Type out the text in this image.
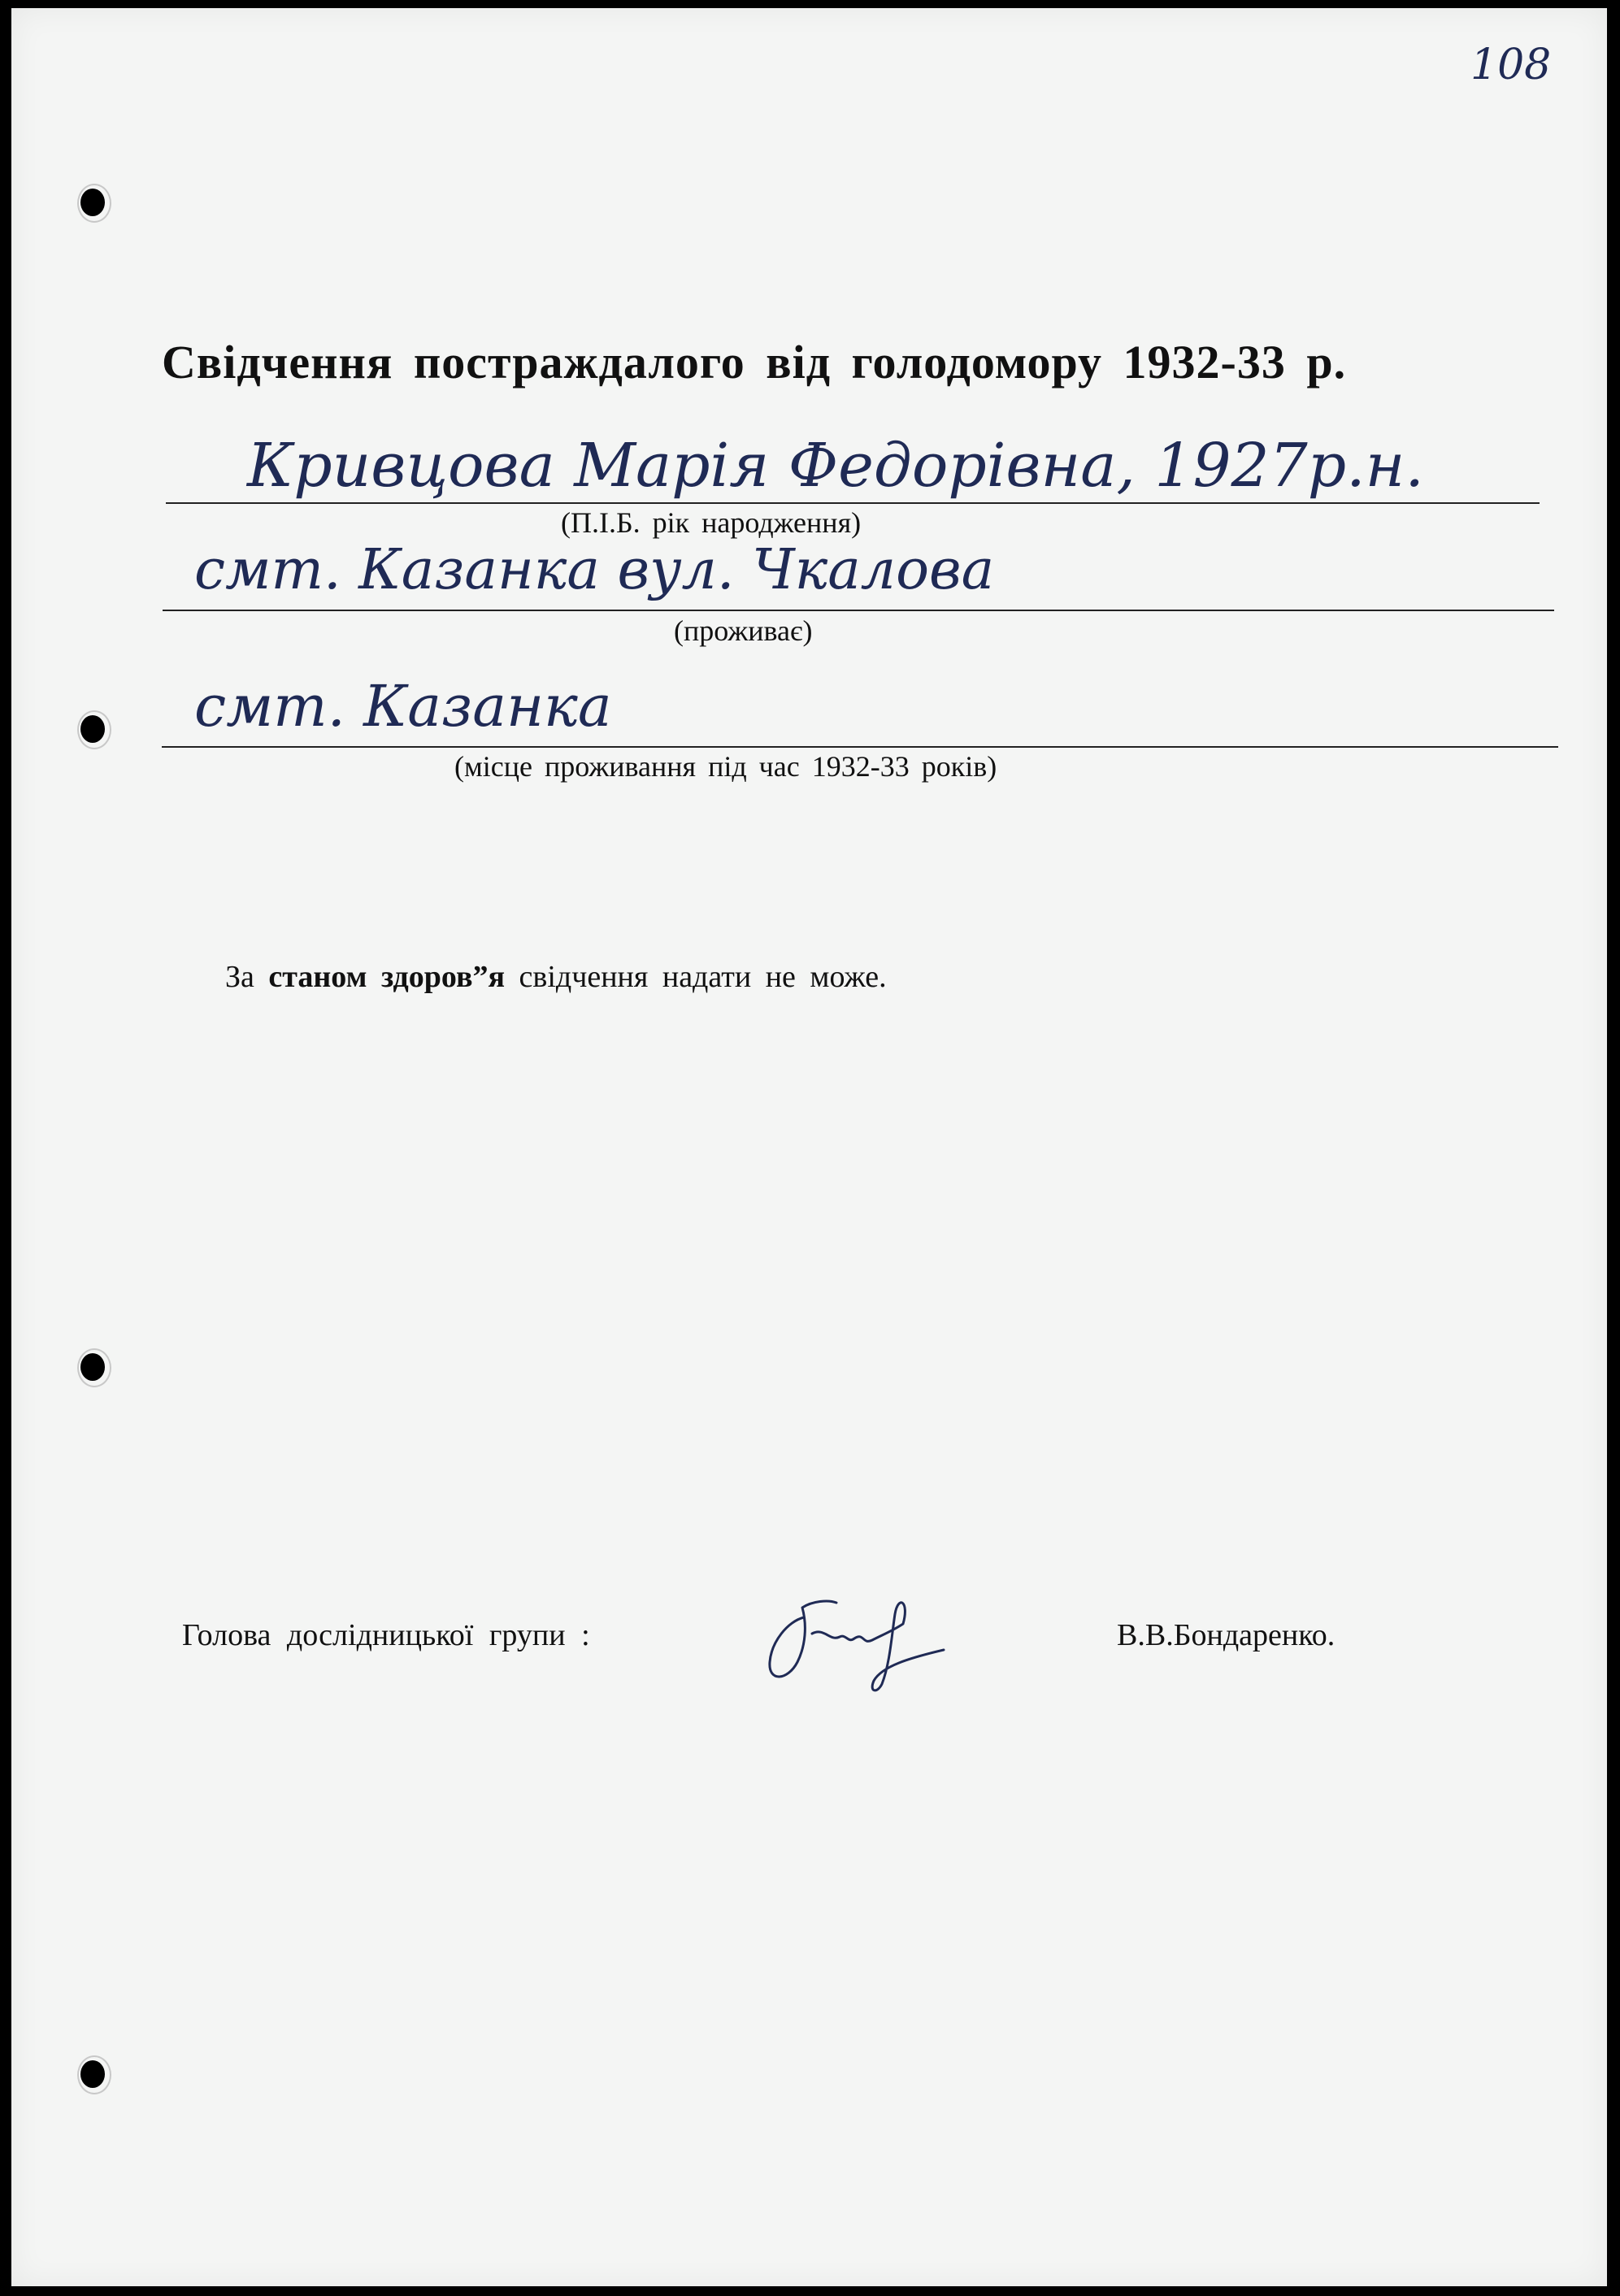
108
Свідчення постраждалого від голодомору 1932-33 р.
Кривцова Марія Федорівна, 1927р.н.
(П.І.Б. рік народження)
смт. Казанка вул. Чкалова
(проживає)
смт. Казанка
(місце проживання під час 1932-33 років)
За станом здоров”я свідчення надати не може.
Голова дослідницької групи :	В.В.Бондаренко.
